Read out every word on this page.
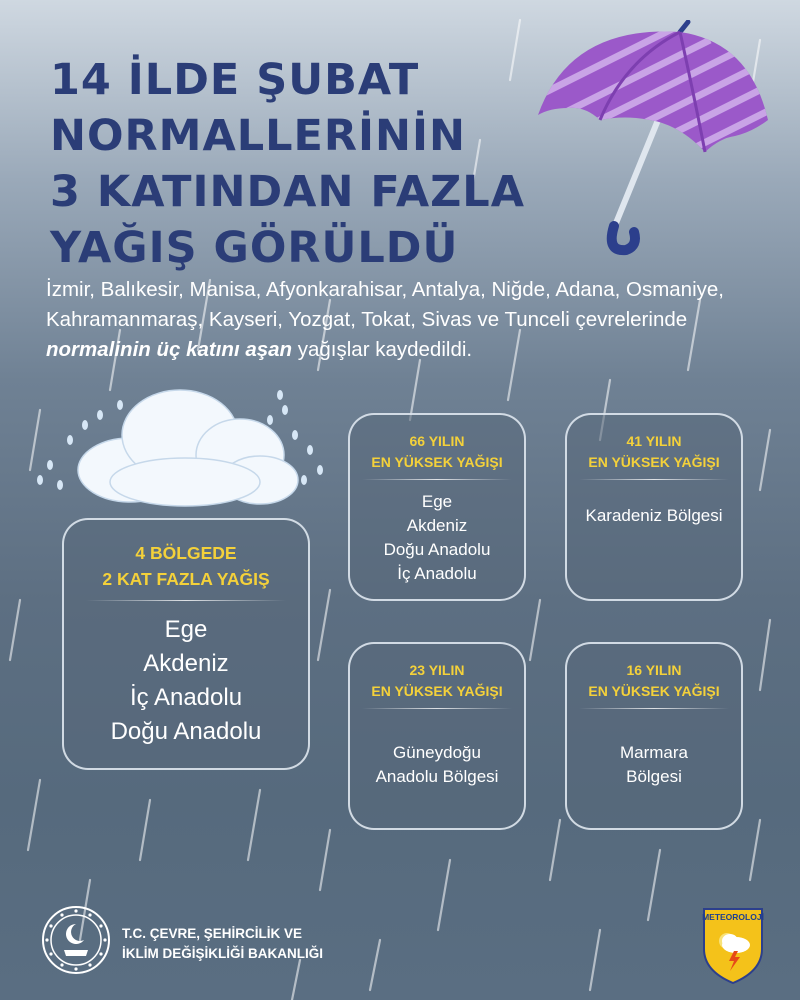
14 İLDE ŞUBAT
NORMALLERİNİN
3 KATINDAN FAZLA
YAĞIŞ GÖRÜLDÜ

İzmir, Balıkesir, Manisa, Afyonkarahisar, Antalya, Niğde, Adana, Osmaniye, Kahramanmaraş, Kayseri, Yozgat, Tokat, Sivas ve Tunceli çevrelerinde normalinin üç katını aşan yağışlar kaydedildi.

4 BÖLGEDE
2 KAT FAZLA YAĞIŞ
Ege
Akdeniz
İç Anadolu
Doğu Anadolu
66 YILIN
EN YÜKSEK YAĞIŞI
Ege
Akdeniz
Doğu Anadolu
İç Anadolu
41 YILIN
EN YÜKSEK YAĞIŞI
Karadeniz Bölgesi
23 YILIN
EN YÜKSEK YAĞIŞI
Güneydoğu
Anadolu Bölgesi
16 YILIN
EN YÜKSEK YAĞIŞI
Marmara
Bölgesi
T.C. ÇEVRE, ŞEHİRCİLİK VE
İKLİM DEĞİŞİKLİĞİ BAKANLIĞI
METEOROLOJİ
